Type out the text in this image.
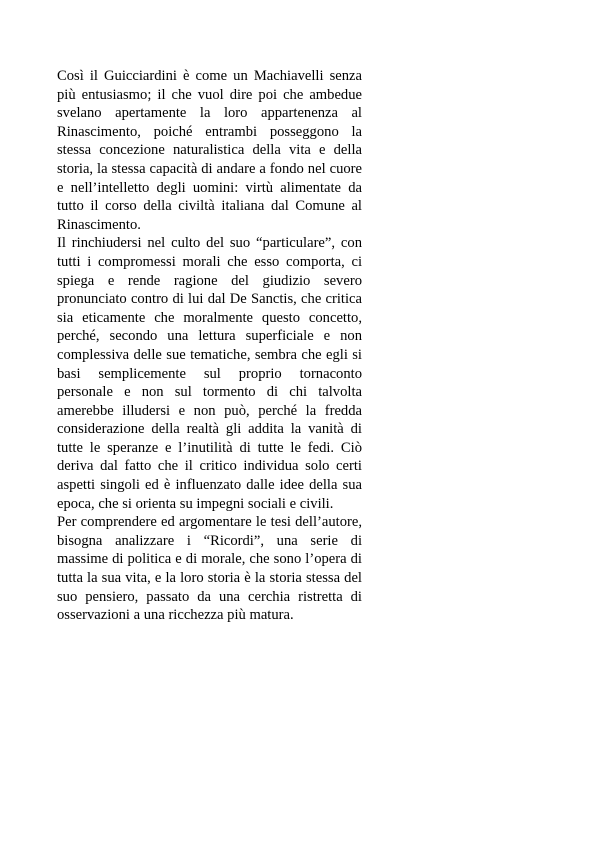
Così il Guicciardini è come un Machiavelli senza più entusiasmo; il che vuol dire poi che ambedue svelano apertamente la loro appartenenza al Rinascimento, poiché entrambi posseggono la stessa concezione naturalistica della vita e della storia, la stessa capacità di andare a fondo nel cuore e nell’intelletto degli uomini: virtù alimentate da tutto il corso della civiltà italiana dal Comune al Rinascimento.

Il rinchiudersi nel culto del suo “particulare”, con tutti i compromessi morali che esso comporta, ci spiega e rende ragione del giudizio severo pronunciato contro di lui dal De Sanctis, che critica sia eticamente che moralmente questo concetto, perché, secondo una lettura superficiale e non complessiva delle sue tematiche, sembra che egli si basi semplicemente sul proprio tornaconto personale e non sul tormento di chi talvolta amerebbe illudersi e non può, perché la fredda considerazione della realtà gli addita la vanità di tutte le speranze e l’inutilità di tutte le fedi. Ciò deriva dal fatto che il critico individua solo certi aspetti singoli ed è influenzato dalle idee della sua epoca, che si orienta su impegni sociali e civili.

Per comprendere ed argomentare le tesi dell’autore, bisogna analizzare i “Ricordi”, una serie di massime di politica e di morale, che sono l’opera di tutta la sua vita, e la loro storia è la storia stessa del suo pensiero, passato da una cerchia ristretta di osservazioni a una ricchezza più matura.
